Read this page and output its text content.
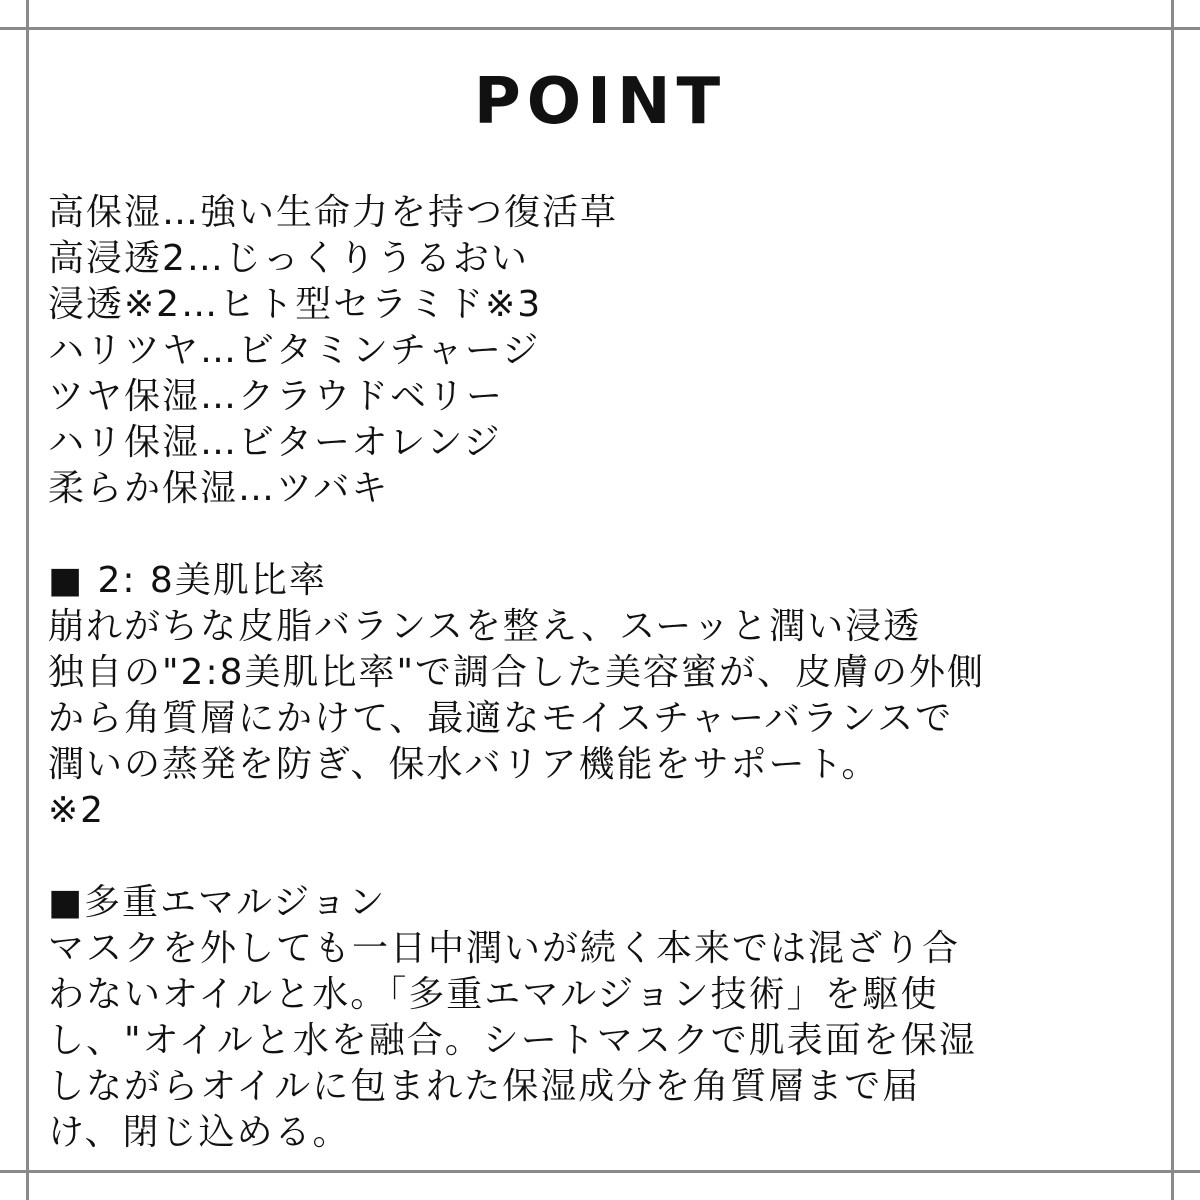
POINT
高保湿…強い生命力を持つ復活草
高浸透2…じっくりうるおい
浸透※2…ヒト型セラミド※3
ハリツヤ…ビタミンチャージ
ツヤ保湿…クラウドベリー
ハリ保湿…ビターオレンジ
柔らか保湿…ツバキ
■ 2: 8美肌比率
崩れがちな皮脂バランスを整え、スーッと潤い浸透
独自の"2:8美肌比率"で調合した美容蜜が、皮膚の外側
から角質層にかけて、最適なモイスチャーバランスで
潤いの蒸発を防ぎ、保水バリア機能をサポート。
※2
■多重エマルジョン
マスクを外しても一日中潤いが続く本来では混ざり合
わないオイルと水。「多重エマルジョン技術」を駆使
し、"オイルと水を融合。シートマスクで肌表面を保湿
しながらオイルに包まれた保湿成分を角質層まで届
け、閉じ込める。
